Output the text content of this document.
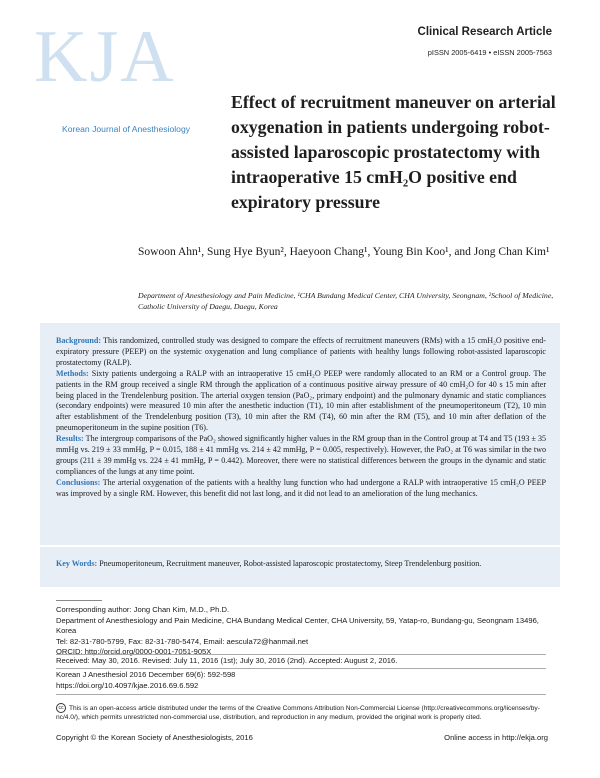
KJA
Korean Journal of Anesthesiology
Clinical Research Article
pISSN 2005-6419 • eISSN 2005-7563
Effect of recruitment maneuver on arterial oxygenation in patients undergoing robot-assisted laparoscopic prostatectomy with intraoperative 15 cmH₂O positive end expiratory pressure
Sowoon Ahn¹, Sung Hye Byun², Haeyoon Chang¹, Young Bin Koo¹, and Jong Chan Kim¹
Department of Anesthesiology and Pain Medicine, ¹CHA Bundang Medical Center, CHA University, Seongnam, ²School of Medicine, Catholic University of Daegu, Daegu, Korea

Background: This randomized, controlled study was designed to compare the effects of recruitment maneuvers (RMs) with a 15 cmH₂O positive end-expiratory pressure (PEEP) on the systemic oxygenation and lung compliance of patients with healthy lungs following robot-assisted laparoscopic prostatectomy (RALP).

Methods: Sixty patients undergoing a RALP with an intraoperative 15 cmH₂O PEEP were randomly allocated to an RM or a Control group. The patients in the RM group received a single RM through the application of a continuous positive airway pressure of 40 cmH₂O for 40 s 15 min after being placed in the Trendelenburg position. The arterial oxygen tension (PaO₂, primary endpoint) and the pulmonary dynamic and static compliances (secondary endpoints) were measured 10 min after the anesthetic induction (T1), 10 min after establishment of the pneumoperitoneum (T2), 10 min after establishment of the Trendelenburg position (T3), 10 min after the RM (T4), 60 min after the RM (T5), and 10 min after deflation of the pneumoperitoneum in the supine position (T6).

Results: The intergroup comparisons of the PaO₂ showed significantly higher values in the RM group than in the Control group at T4 and T5 (193 ± 35 mmHg vs. 219 ± 33 mmHg, P = 0.015, 188 ± 41 mmHg vs. 214 ± 42 mmHg, P = 0.005, respectively). However, the PaO₂ at T6 was similar in the two groups (211 ± 39 mmHg vs. 224 ± 41 mmHg, P = 0.442). Moreover, there were no statistical differences between the groups in the dynamic and static compliances of the lungs at any time point.

Conclusions: The arterial oxygenation of the patients with a healthy lung function who had undergone a RALP with intraoperative 15 cmH₂O PEEP was improved by a single RM. However, this benefit did not last long, and it did not lead to an amelioration of the lung mechanics.

Key Words: Pneumoperitoneum, Recruitment maneuver, Robot-assisted laparoscopic prostatectomy, Steep Trendelenburg position.

Corresponding author: Jong Chan Kim, M.D., Ph.D.

Department of Anesthesiology and Pain Medicine, CHA Bundang Medical Center, CHA University, 59, Yatap-ro, Bundang-gu, Seongnam 13496, Korea

Tel: 82-31-780-5799, Fax: 82-31-780-5474, Email: aescula72@hanmail.net

ORCID: http://orcid.org/0000-0001-7051-905X

Received: May 30, 2016. Revised: July 11, 2016 (1st); July 30, 2016 (2nd). Accepted: August 2, 2016.

Korean J Anesthesiol 2016 December 69(6): 592-598

https://doi.org/10.4097/kjae.2016.69.6.592

cc This is an open-access article distributed under the terms of the Creative Commons Attribution Non-Commercial License (http://creativecommons.org/licenses/by-nc/4.0/), which permits unrestricted non-commercial use, distribution, and reproduction in any medium, provided the original work is properly cited.
Copyright © the Korean Society of Anesthesiologists, 2016	Online access in http://ekja.org
